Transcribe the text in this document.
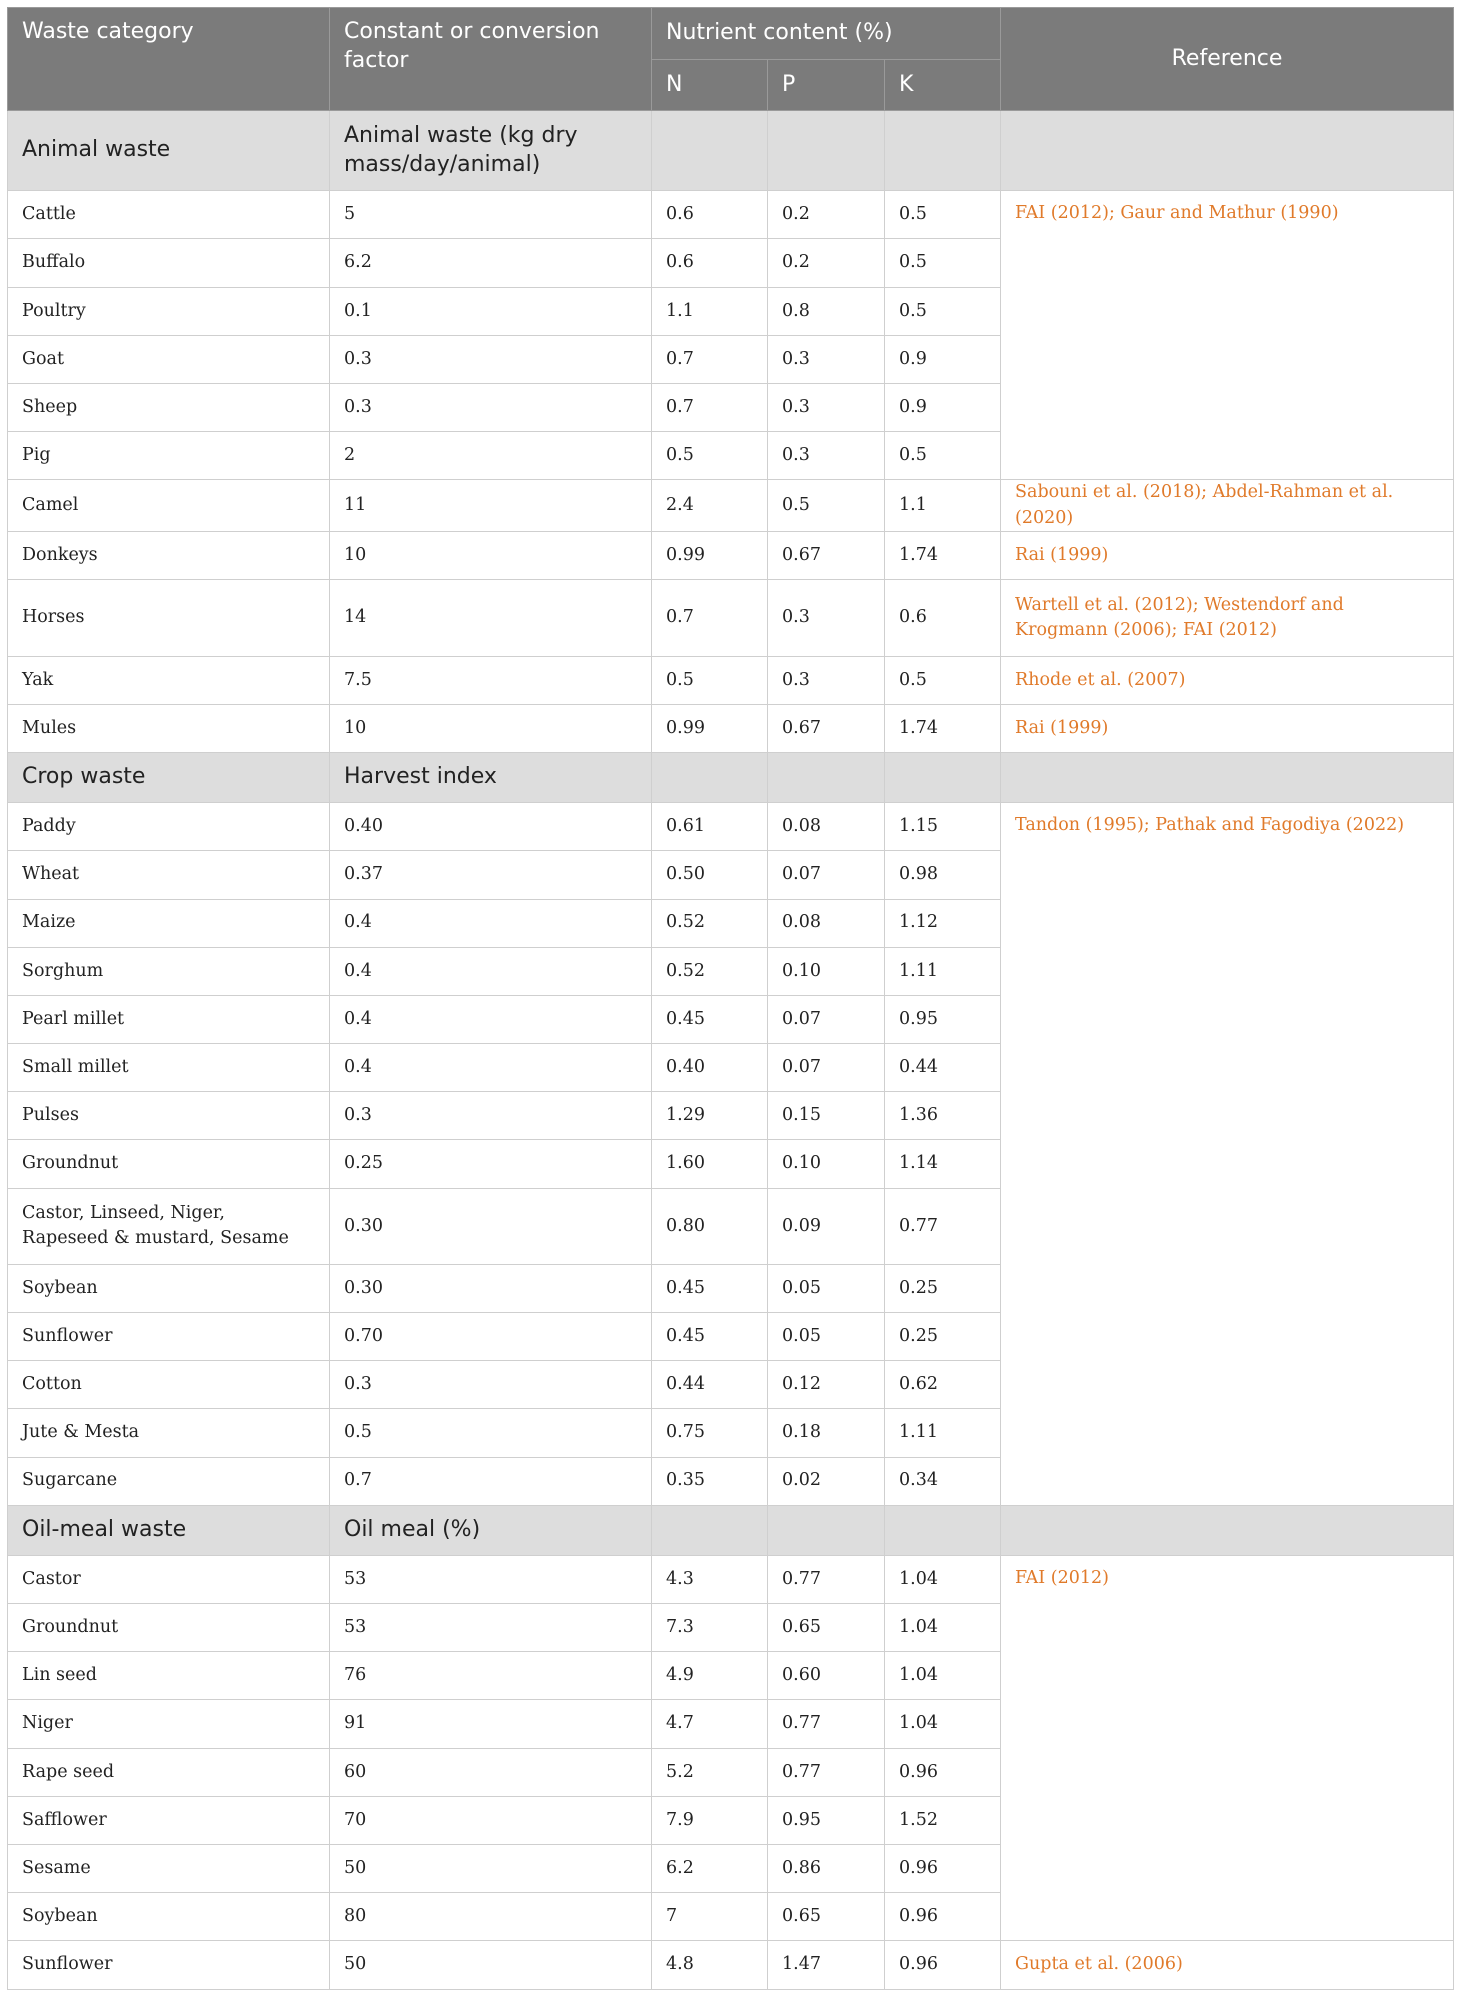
Waste category	Constant or conversion factor	Nutrient content (%)			Reference
		N	P	K	
Animal waste	Animal waste (kg dry mass/day/animal)				
Cattle	5	0.6	0.2	0.5	FAI (2012); Gaur and Mathur (1990)
Buffalo	6.2	0.6	0.2	0.5	
Poultry	0.1	1.1	0.8	0.5	
Goat	0.3	0.7	0.3	0.9	
Sheep	0.3	0.7	0.3	0.9	
Pig	2	0.5	0.3	0.5	
Camel	11	2.4	0.5	1.1	Sabouni et al. (2018); Abdel-Rahman et al. (2020)
Donkeys	10	0.99	0.67	1.74	Rai (1999)
Horses	14	0.7	0.3	0.6	Wartell et al. (2012); Westendorf and Krogmann (2006); FAI (2012)
Yak	7.5	0.5	0.3	0.5	Rhode et al. (2007)
Mules	10	0.99	0.67	1.74	Rai (1999)
Crop waste	Harvest index				
Paddy	0.40	0.61	0.08	1.15	Tandon (1995); Pathak and Fagodiya (2022)
Wheat	0.37	0.50	0.07	0.98	
Maize	0.4	0.52	0.08	1.12	
Sorghum	0.4	0.52	0.10	1.11	
Pearl millet	0.4	0.45	0.07	0.95	
Small millet	0.4	0.40	0.07	0.44	
Pulses	0.3	1.29	0.15	1.36	
Groundnut	0.25	1.60	0.10	1.14	
Castor, Linseed, Niger, Rapeseed & mustard, Sesame	0.30	0.80	0.09	0.77	
Soybean	0.30	0.45	0.05	0.25	
Sunflower	0.70	0.45	0.05	0.25	
Cotton	0.3	0.44	0.12	0.62	
Jute & Mesta	0.5	0.75	0.18	1.11	
Sugarcane	0.7	0.35	0.02	0.34	
Oil-meal waste	Oil meal (%)				
Castor	53	4.3	0.77	1.04	FAI (2012)
Groundnut	53	7.3	0.65	1.04	
Lin seed	76	4.9	0.60	1.04	
Niger	91	4.7	0.77	1.04	
Rape seed	60	5.2	0.77	0.96	
Safflower	70	7.9	0.95	1.52	
Sesame	50	6.2	0.86	0.96	
Soybean	80	7	0.65	0.96	
Sunflower	50	4.8	1.47	0.96	Gupta et al. (2006)
